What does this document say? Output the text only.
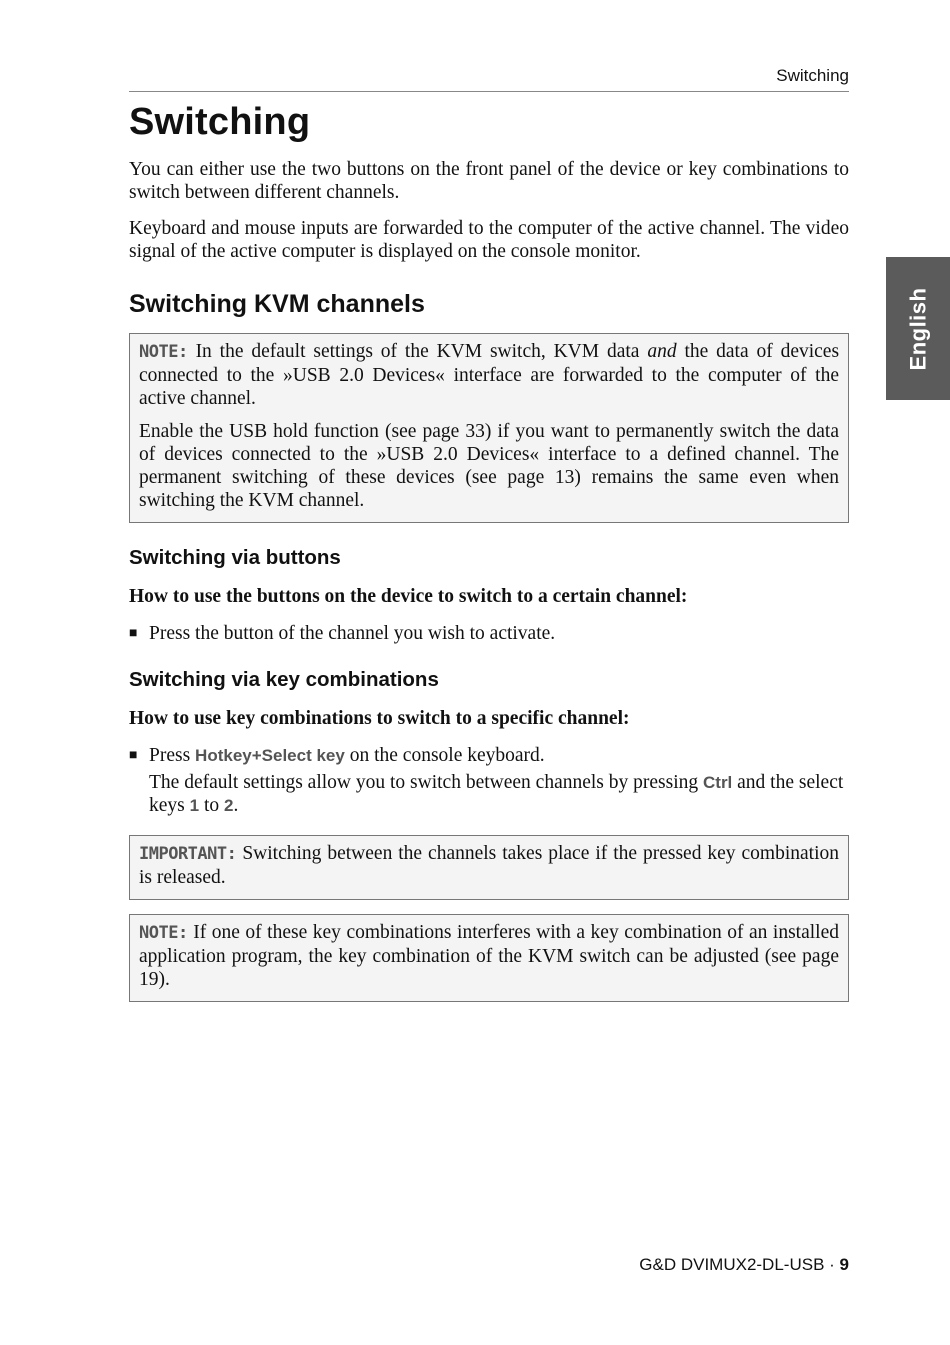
Switching
English
Switching

You can either use the two buttons on the front panel of the device or key combinations to switch between different channels.

Keyboard and mouse inputs are forwarded to the computer of the active channel. The video signal of the active computer is displayed on the console monitor.

Switching KVM channels

NOTE: In the default settings of the KVM switch, KVM data and the data of devices connected to the »USB 2.0 Devices« interface are forwarded to the computer of the active channel.

Enable the USB hold function (see page 33) if you want to permanently switch the data of devices connected to the »USB 2.0 Devices« interface to a defined channel. The permanent switching of these devices (see page 13) remains the same even when switching the KVM channel.

Switching via buttons
How to use the buttons on the device to switch to a certain channel:

■ Press the button of the channel you wish to activate.

Switching via key combinations
How to use key combinations to switch to a specific channel:

■ Press Hotkey+Select key on the console keyboard.

The default settings allow you to switch between channels by pressing Ctrl and the select keys 1 to 2.

IMPORTANT: Switching between the channels takes place if the pressed key combination is released.

NOTE: If one of these key combinations interferes with a key combination of an installed application program, the key combination of the KVM switch can be adjusted (see page 19).

G&D DVIMUX2-DL-USB · 9
